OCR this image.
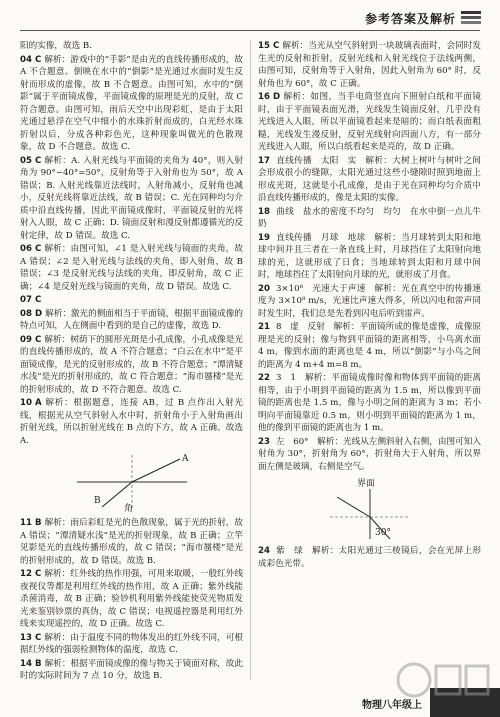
参考答案及解析

阳的实像，故选 B.

04 C 解析：游戏中的“手影”是由光的直线传播形成的，故 A 不合题意。倒映在水中的“倒影”是光通过水面时发生反射而形成的虚像，故 B 不合题意。由图可知，水中的“倒影”属于平面镜成像，平面镜成像的原理是光的反射，故 C 符合题意。由图可知，雨后天空中出现彩虹，是由于太阳光通过悬浮在空气中细小的水珠折射而成的，白光经水珠折射以后，分成各种彩色光，这种现象叫做光的色散现象，故 D 不合题意。故选 C.

05 C 解析：A. 入射光线与平面镜的夹角为 40°，则入射角为 90°−40°=50°，反射角等于入射角也为 50°，故 A 错误；B. 入射光线靠近法线时，入射角减小，反射角也减小，反射光线将靠近法线，故 B 错误；C. 光在同种均匀介质中沿直线传播，因此平面镜成像时，平面镜反射的光将射入人眼，故 C 正确；D. 镜面反射和漫反射都遵循光的反射定律，故 D 错误。故选 C.

06 C 解析：由图可知，∠1 是入射光线与镜面的夹角，故 A 错误；∠2 是入射光线与法线的夹角，即入射角，故 B 错误；∠3 是反射光线与法线的夹角，即反射角，故 C 正确；∠4 是反射光线与镜面的夹角，故 D 错误。故选 C.

07 C

08 D 解析：激光的侧面相当于平面镜，根据平面镜成像的特点可知，人在侧面中看到的是自己的虚像，故选 D.

09 C 解析：树荫下的圆形光斑是小孔成像，小孔成像是光的直线传播形成的，故 A 不符合题意；“白云在水中”是平面镜成像，是光的反射形成的，故 B 不符合题意；“潭清疑水浅”是光的折射形成的，故 C 符合题意；“海市蜃楼”是光的折射形成的，故 D 不符合题意。故选 C.

10 A 解析：根据题意，连接 AB，过 B 点作出入射光线，根据光从空气斜射入水中时，折射角小于入射角画出折射光线，所以折射光线在 B 点的下方，故 A 正确。故选 A.

A
B
角

11 B 解析：雨后彩虹是光的色散现象，属于光的折射，故 A 错误；“潭清疑水浅”是光的折射现象，故 B 正确；立竿见影是光的直线传播形成的，故 C 错误；“海市蜃楼”是光的折射形成的，故 D 错误。故选 B.

12 C 解析：红外线的热作用强，可用来取暖，一般红外线夜视仪等都是利用红外线的热作用，故 A 正确；紫外线能杀菌消毒，故 B 正确；验钞机利用紫外线能使荧光物质发光来鉴别钞票的真伪，故 C 错误；电视遥控器是利用红外线来实现遥控的，故 D 正确。故选 C.

13 C 解析：由于温度不同的物体发出的红外线不同，可根据红外线的强弱检测物体的温度，故选 C.

14 B 解析：根据平面镜成像的像与物关于镜面对称，故此时的实际时间为 7 点 10 分，故选 B.

15 C 解析：当光从空气斜射到一块玻璃表面时，会同时发生光的反射和折射，反射光线和入射光线位于法线两侧，由图可知，反射角等于入射角，因此入射角为 60° 时，反射角也为 60°，故 C 正确。

16 D 解析：如图，当手电筒竖直向下照射白纸和平面镜时，由于平面镜表面光滑，光线发生镜面反射，几乎没有光线进入人眼，所以平面镜看起来是暗的；而白纸表面粗糙，光线发生漫反射，反射光线射向四面八方，有一部分光线进入人眼，所以白纸看起来是亮的，故 D 正确。

17 直线传播　太阳　实　解析：大树上树叶与树叶之间会形成很小的缝隙，太阳光通过这些小缝隙时照到地面上形成光斑，这就是小孔成像，是由于光在同种均匀介质中沿直线传播形成的，像是太阳的实像。

18 曲线　盐水的密度不均匀　均匀　在水中倒一点儿牛奶

19 直线传播　月球　地球　解析：当月球转到太阳和地球中间并且三者在一条直线上时，月球挡住了太阳射向地球的光，这就形成了日食；当地球转到太阳和月球中间时，地球挡住了太阳射向月球的光，就形成了月食。

20 3×10⁸　光速大于声速　解析：光在真空中的传播速度为 3×10⁸ m/s，光速比声速大得多，所以闪电和雷声同时发生时，我们总是先看到闪电后听到雷声。

21 8　虚　反射　解析：平面镜所成的像是虚像，成像原理是光的反射；像与物到平面镜的距离相等，小鸟离水面 4 m，像到水面的距离也是 4 m，所以“倒影”与小鸟之间的距离为 4 m+4 m=8 m。

22 3　1　解析：平面镜成像时像和物体到平面镜的距离相等，由于小明到平面镜的距离为 1.5 m，所以像到平面镜的距离也是 1.5 m，像与小明之间的距离为 3 m；若小明向平面镜靠近 0.5 m，则小明到平面镜的距离为 1 m，他的像到平面镜的距离也为 1 m。

23 左　60°　解析：光线从左侧斜射入右侧，由图可知入射角为 30°，折射角为 60°，折射角大于入射角，所以界面左侧是玻璃，右侧是空气。

界面
30°

24 紫　绿　解析：太阳光通过三棱镜后，会在光屏上形成彩色光带。

物理八年级上
